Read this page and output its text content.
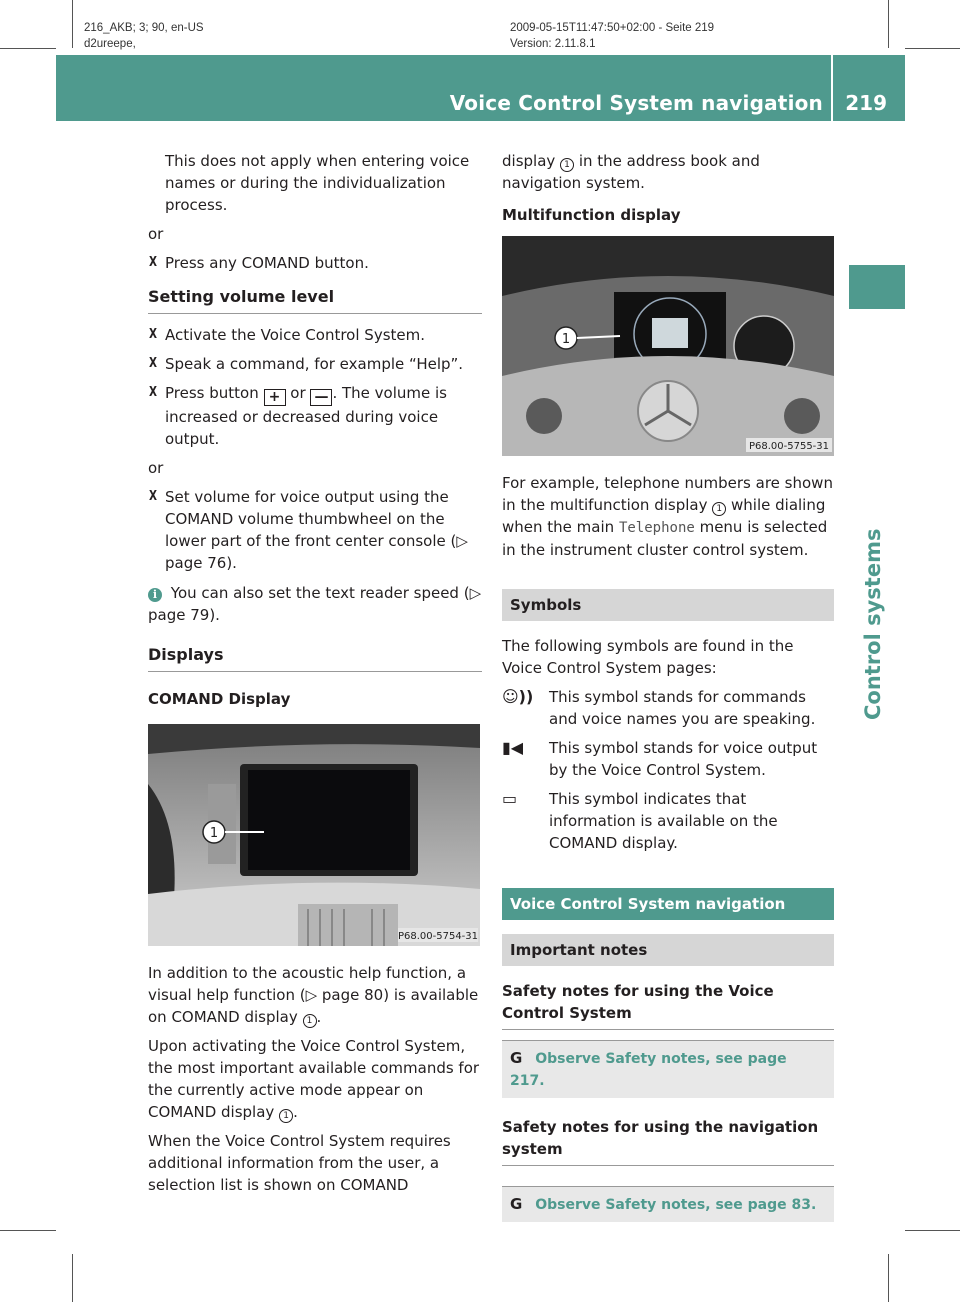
216_AKB; 3; 90, en-US
d2ureepe,
2009-05-15T11:47:50+02:00 - Seite 219
Version: 2.11.8.1
Voice Control System navigation 219
Control systems

This does not apply when entering voice names or during the individualization process.

or

X Press any COMAND button.

Setting volume level

X Activate the Voice Control System.

X Speak a command, for example “Help”.

X Press button + or — . The volume is increased or decreased during voice output.

or

X Set volume for voice output using the COMAND volume thumbwheel on the lower part of the front center console (▷ page 76).

i You can also set the text reader speed (▷ page 79).

Displays
COMAND Display
1
P68.00-5754-31

In addition to the acoustic help function, a visual help function (▷ page 80) is available on COMAND display 1 .

Upon activating the Voice Control System, the most important available commands for the currently active mode appear on COMAND display 1 .

When the Voice Control System requires additional information from the user, a selection list is shown on COMAND

display 1 in the address book and navigation system.

Multifunction display
1
P68.00-5755-31

For example, telephone numbers are shown in the multifunction display 1 while dialing when the main Telephone menu is selected in the instrument cluster control system.

Symbols

The following symbols are found in the Voice Control System pages:

☺))	This symbol stands for commands and voice names you are speaking.
▮◀	This symbol stands for voice output by the Voice Control System.
▭	This symbol indicates that information is available on the COMAND display.
Voice Control System navigation
Important notes
Safety notes for using the Voice Control System
G Observe Safety notes, see page 217.
Safety notes for using the navigation system
G Observe Safety notes, see page 83.
